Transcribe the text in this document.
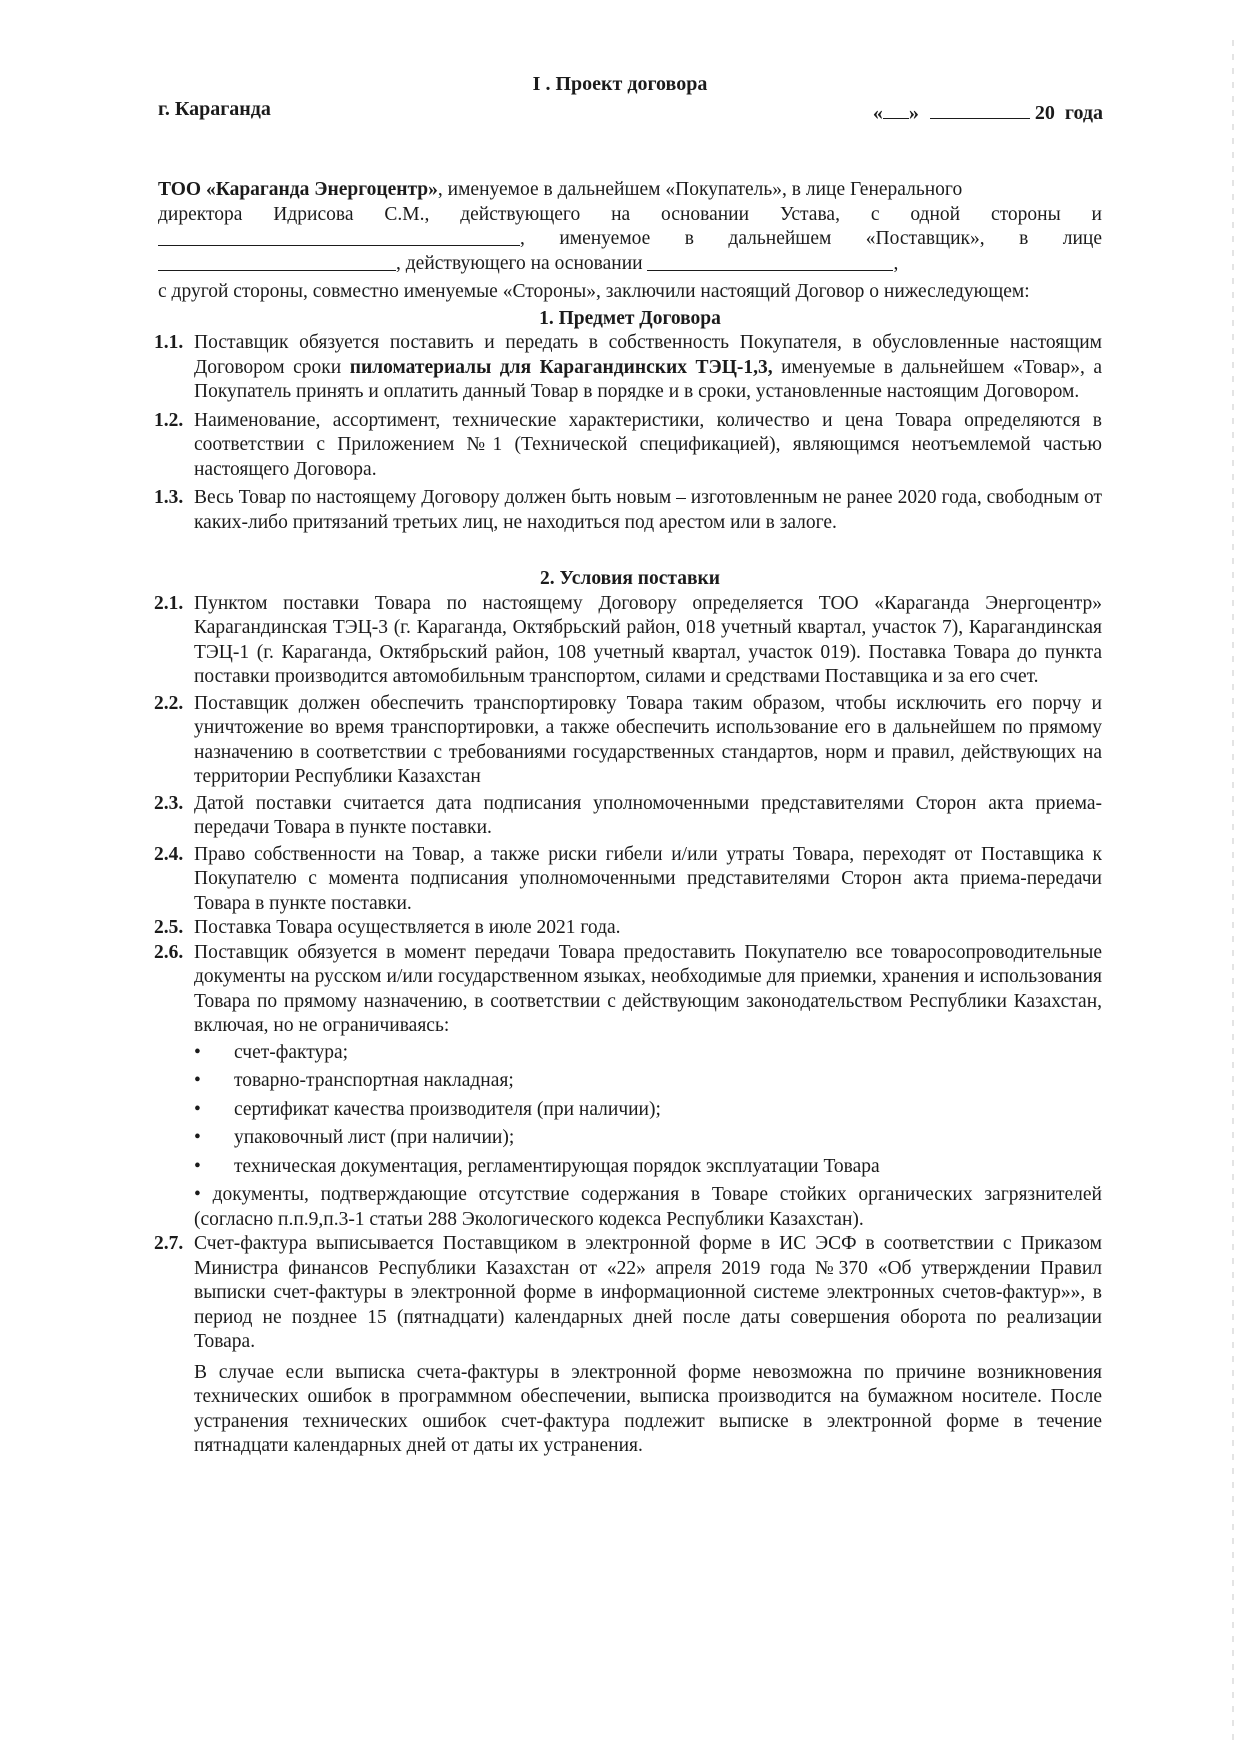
I . Проект договора
г. Караганда	« »	20 года
ТОО «Караганда Энергоцентр», именуемое в дальнейшем «Покупатель», в лице Генерального
директора Идрисова С.М., действующего на основании Устава, с одной стороны и
, именуемое в дальнейшем «Поставщик», в лице
, действующего на основании
	,
с другой стороны, совместно именуемые «Стороны», заключили настоящий Договор о нижеследующем:
1. Предмет Договора
1.1. Поставщик обязуется поставить и передать в собственность Покупателя, в обусловленные настоящим Договором сроки пиломатериалы для Карагандинских ТЭЦ-1,3, именуемые в дальнейшем «Товар», а Покупатель принять и оплатить данный Товар в порядке и в сроки, установленные настоящим Договором.
1.2. Наименование, ассортимент, технические характеристики, количество и цена Товара определяются в соответствии с Приложением №1 (Технической спецификацией), являющимся неотъемлемой частью настоящего Договора.
1.3. Весь Товар по настоящему Договору должен быть новым – изготовленным не ранее 2020 года, свободным от каких-либо притязаний третьих лиц, не находиться под арестом или в залоге.
2. Условия поставки
2.1. Пунктом поставки Товара по настоящему Договору определяется ТОО «Караганда Энергоцентр» Карагандинская ТЭЦ-3 (г. Караганда, Октябрьский район, 018 учетный квартал, участок 7), Карагандинская ТЭЦ-1 (г. Караганда, Октябрьский район, 108 учетный квартал, участок 019). Поставка Товара до пункта поставки производится автомобильным транспортом, силами и средствами Поставщика и за его счет.
2.2. Поставщик должен обеспечить транспортировку Товара таким образом, чтобы исключить его порчу и уничтожение во время транспортировки, а также обеспечить использование его в дальнейшем по прямому назначению в соответствии с требованиями государственных стандартов, норм и правил, действующих на территории Республики Казахстан
2.3. Датой поставки считается дата подписания уполномоченными представителями Сторон акта приема-передачи Товара в пункте поставки.
2.4. Право собственности на Товар, а также риски гибели и/или утраты Товара, переходят от Поставщика к Покупателю с момента подписания уполномоченными представителями Сторон акта приема-передачи Товара в пункте поставки.
2.5. Поставка Товара осуществляется в июле 2021 года.
2.6. Поставщик обязуется в момент передачи Товара предоставить Покупателю все товаросопроводительные документы на русском и/или государственном языках, необходимые для приемки, хранения и использования Товара по прямому назначению, в соответствии с действующим законодательством Республики Казахстан, включая, но не ограничиваясь:
• счет-фактура;
• товарно-транспортная накладная;
• сертификат качества производителя (при наличии);
• упаковочный лист (при наличии);
• техническая документация, регламентирующая порядок эксплуатации Товара
• документы, подтверждающие отсутствие содержания в Товаре стойких органических загрязнителей (согласно п.п.9,п.3-1 статьи 288 Экологического кодекса Республики Казахстан).
2.7. Счет-фактура выписывается Поставщиком в электронной форме в ИС ЭСФ в соответствии с Приказом Министра финансов Республики Казахстан от «22» апреля 2019 года №370 «Об утверждении Правил выписки счет-фактуры в электронной форме в информационной системе электронных счетов-фактур»», в период не позднее 15 (пятнадцати) календарных дней после даты совершения оборота по реализации Товара.
В случае если выписка счета-фактуры в электронной форме невозможна по причине возникновения технических ошибок в программном обеспечении, выписка производится на бумажном носителе. После устранения технических ошибок счет-фактура подлежит выписке в электронной форме в течение пятнадцати календарных дней от даты их устранения.
